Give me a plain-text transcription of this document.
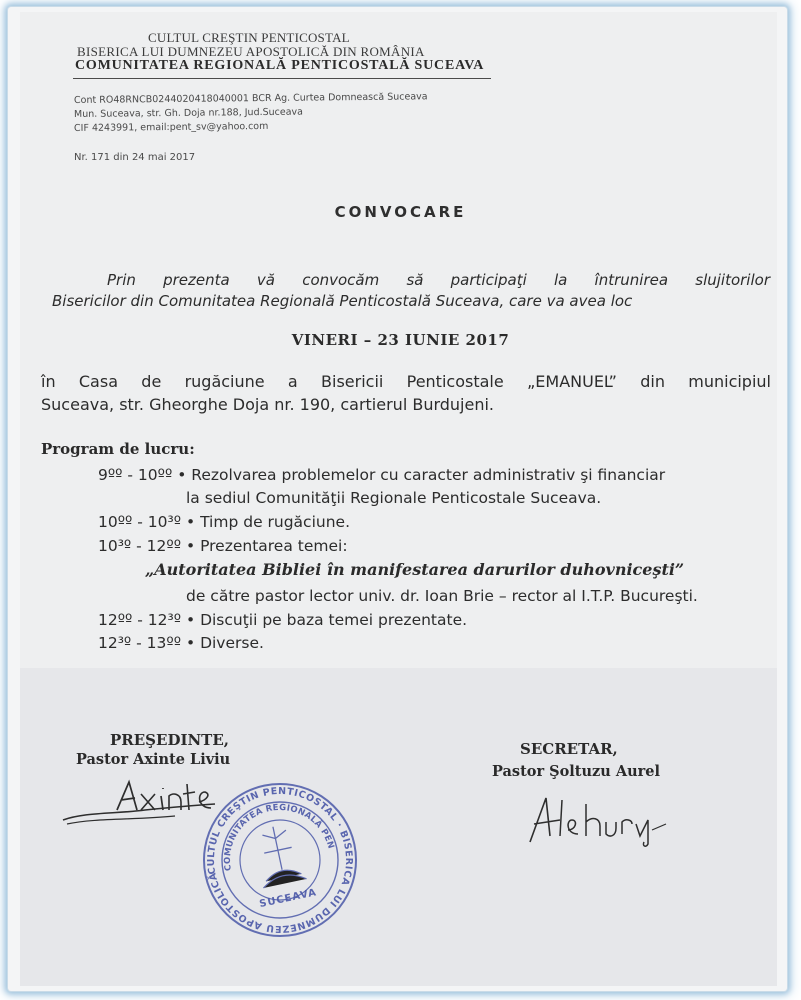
CULTUL CREŞTIN PENTICOSTAL
BISERICA LUI DUMNEZEU APOSTOLICĂ DIN ROMÂNIA
COMUNITATEA REGIONALĂ PENTICOSTALĂ SUCEAVA
Cont RO48RNCB0244020418040001 BCR Ag. Curtea Domnească Suceava
Mun. Suceava, str. Gh. Doja nr.188, Jud.Suceava
CIF 4243991, email:pent_sv@yahoo.com
Nr. 171 din 24 mai 2017
CONVOCARE
Prin prezenta vă convocăm să participaţi la întrunirea slujitorilor
Bisericilor din Comunitatea Regională Penticostală Suceava, care va avea loc
VINERI – 23 IUNIE 2017
în Casa de rugăciune a Bisericii Penticostale „EMANUEL” din municipiul
Suceava, str. Gheorghe Doja nr. 190, cartierul Burdujeni.
Program de lucru:
9ºº - 10ºº • Rezolvarea problemelor cu caracter administrativ şi financiar
la sediul Comunităţii Regionale Penticostale Suceava.
10ºº - 10³º • Timp de rugăciune.
10³º - 12ºº • Prezentarea temei:
„Autoritatea Bibliei în manifestarea darurilor duhovniceşti”
de către pastor lector univ. dr. Ioan Brie – rector al I.T.P. Bucureşti.
12ºº - 12³º • Discuţii pe baza temei prezentate.
12³º - 13ºº • Diverse.
PREŞEDINTE,
Pastor Axinte Liviu
SECRETAR,
Pastor Şoltuzu Aurel
CULTUL CREŞTIN PENTICOSTAL · BISERICA LUI DUMNEZEU APOSTOLICĂ
COMUNITATEA REGIONALĂ PENTICOSTALĂ
SUCEAVA
